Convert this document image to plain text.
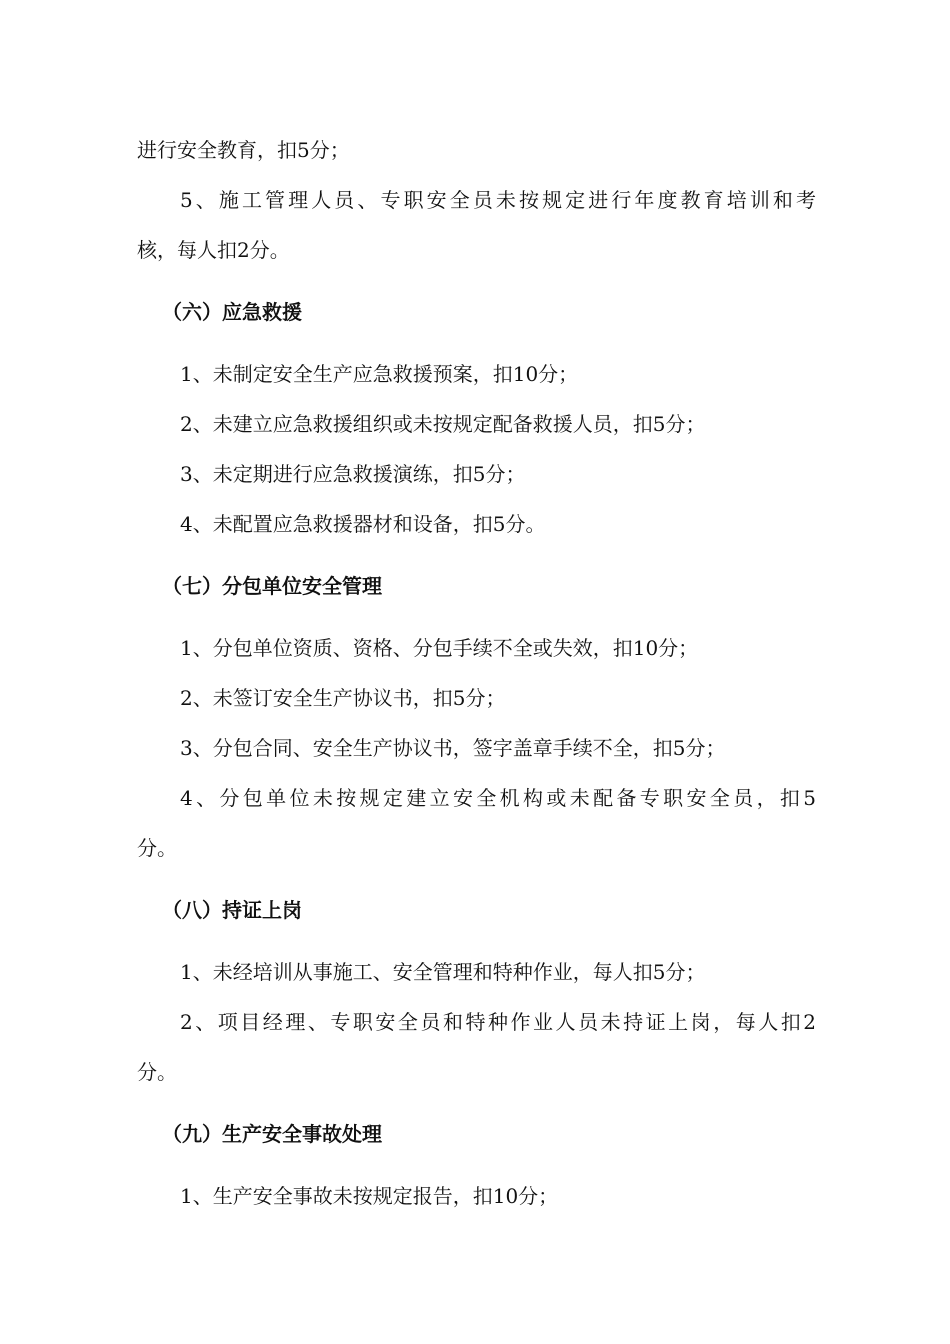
进行安全教育，扣5分；
5、施工管理人员、专职安全员未按规定进行年度教育培训和考
核，每人扣2分。
（六）应急救援
1、未制定安全生产应急救援预案，扣10分；
2、未建立应急救援组织或未按规定配备救援人员，扣5分；
3、未定期进行应急救援演练，扣5分；
4、未配置应急救援器材和设备，扣5分。
（七）分包单位安全管理
1、分包单位资质、资格、分包手续不全或失效，扣10分；
2、未签订安全生产协议书，扣5分；
3、分包合同、安全生产协议书，签字盖章手续不全，扣5分；
4、分包单位未按规定建立安全机构或未配备专职安全员，扣5
分。
（八）持证上岗
1、未经培训从事施工、安全管理和特种作业，每人扣5分；
2、项目经理、专职安全员和特种作业人员未持证上岗，每人扣2
分。
（九）生产安全事故处理
1、生产安全事故未按规定报告，扣10分；
